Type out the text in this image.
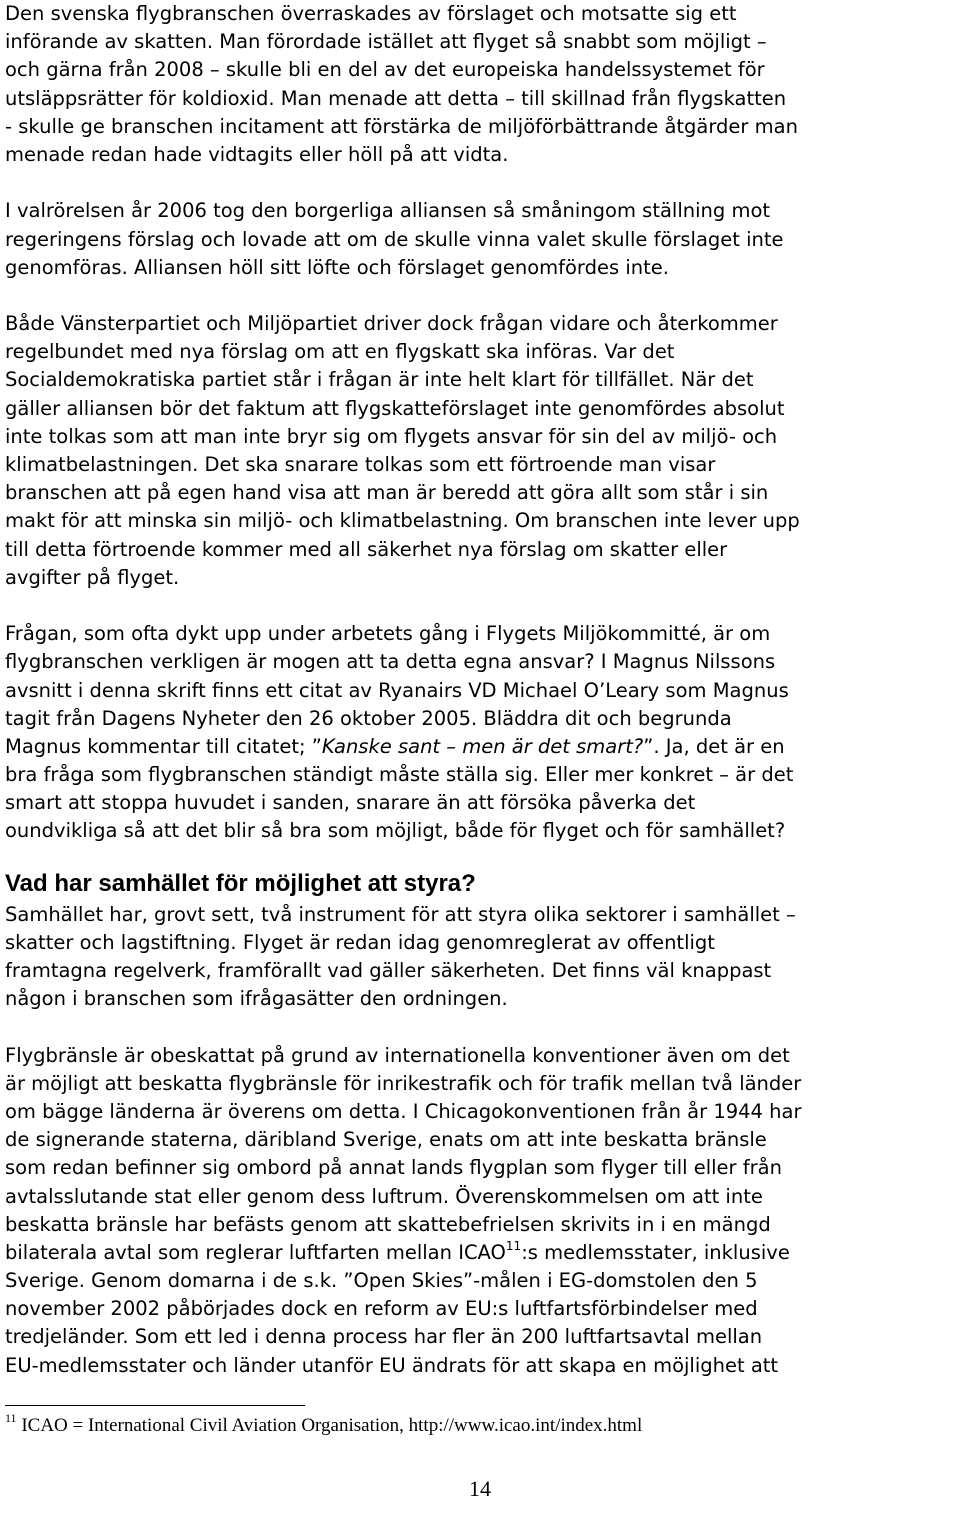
Den svenska flygbranschen överraskades av förslaget och motsatte sig ett
införande av skatten. Man förordade istället att flyget så snabbt som möjligt –
och gärna från 2008 – skulle bli en del av det europeiska handelssystemet för
utsläppsrätter för koldioxid. Man menade att detta – till skillnad från flygskatten
- skulle ge branschen incitament att förstärka de miljöförbättrande åtgärder man
menade redan hade vidtagits eller höll på att vidta.
I valrörelsen år 2006 tog den borgerliga alliansen så småningom ställning mot
regeringens förslag och lovade att om de skulle vinna valet skulle förslaget inte
genomföras. Alliansen höll sitt löfte och förslaget genomfördes inte.
Både Vänsterpartiet och Miljöpartiet driver dock frågan vidare och återkommer
regelbundet med nya förslag om att en flygskatt ska införas. Var det
Socialdemokratiska partiet står i frågan är inte helt klart för tillfället. När det
gäller alliansen bör det faktum att flygskatteförslaget inte genomfördes absolut
inte tolkas som att man inte bryr sig om flygets ansvar för sin del av miljö- och
klimatbelastningen. Det ska snarare tolkas som ett förtroende man visar
branschen att på egen hand visa att man är beredd att göra allt som står i sin
makt för att minska sin miljö- och klimatbelastning. Om branschen inte lever upp
till detta förtroende kommer med all säkerhet nya förslag om skatter eller
avgifter på flyget.
Frågan, som ofta dykt upp under arbetets gång i Flygets Miljökommitté, är om
flygbranschen verkligen är mogen att ta detta egna ansvar? I Magnus Nilssons
avsnitt i denna skrift finns ett citat av Ryanairs VD Michael O’Leary som Magnus
tagit från Dagens Nyheter den 26 oktober 2005. Bläddra dit och begrunda
Magnus kommentar till citatet; ”Kanske sant – men är det smart?”. Ja, det är en
bra fråga som flygbranschen ständigt måste ställa sig. Eller mer konkret – är det
smart att stoppa huvudet i sanden, snarare än att försöka påverka det
oundvikliga så att det blir så bra som möjligt, både för flyget och för samhället?
Vad har samhället för möjlighet att styra?
Samhället har, grovt sett, två instrument för att styra olika sektorer i samhället –
skatter och lagstiftning. Flyget är redan idag genomreglerat av offentligt
framtagna regelverk, framförallt vad gäller säkerheten. Det finns väl knappast
någon i branschen som ifrågasätter den ordningen.
Flygbränsle är obeskattat på grund av internationella konventioner även om det
är möjligt att beskatta flygbränsle för inrikestrafik och för trafik mellan två länder
om bägge länderna är överens om detta. I Chicagokonventionen från år 1944 har
de signerande staterna, däribland Sverige, enats om att inte beskatta bränsle
som redan befinner sig ombord på annat lands flygplan som flyger till eller från
avtalsslutande stat eller genom dess luftrum. Överenskommelsen om att inte
beskatta bränsle har befästs genom att skattebefrielsen skrivits in i en mängd
bilaterala avtal som reglerar luftfarten mellan ICAO$^{11}$:s medlemsstater, inklusive
Sverige. Genom domarna i de s.k. ”Open Skies”-målen i EG-domstolen den 5
november 2002 påbörjades dock en reform av EU:s luftfartsförbindelser med
tredjeländer. Som ett led i denna process har fler än 200 luftfartsavtal mellan
EU-medlemsstater och länder utanför EU ändrats för att skapa en möjlighet att
$^{11}$ ICAO = International Civil Aviation Organisation, http://www.icao.int/index.html
14
